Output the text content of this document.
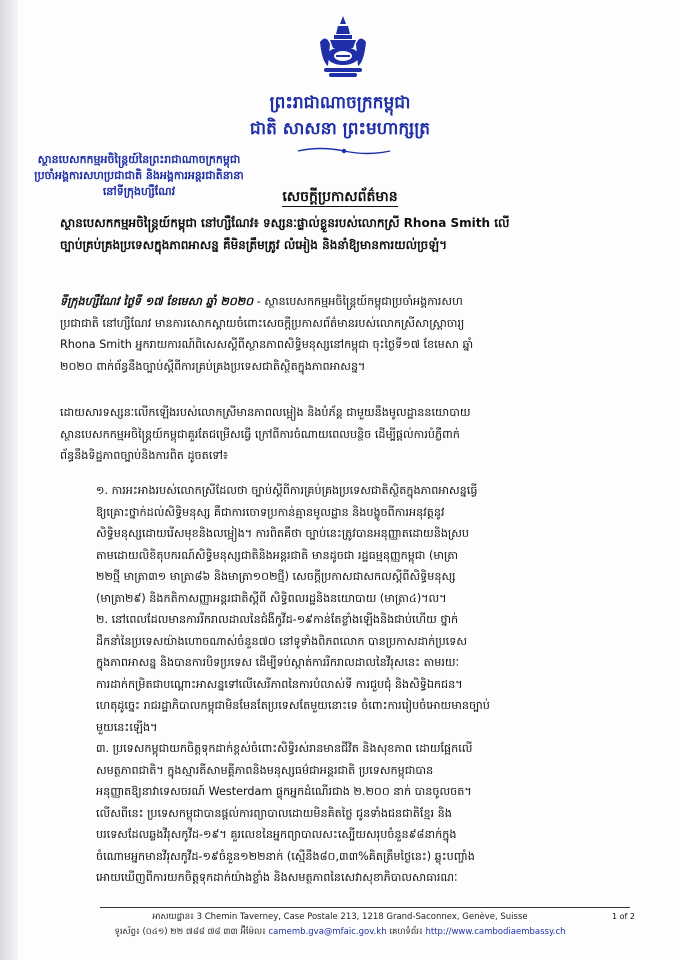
ព្រះរាជាណាចក្រកម្ពុជា
ជាតិ សាសនា ព្រះមហាក្សត្រ
ស្ថានបេសកកម្មអចិន្ត្រៃយ៍នៃព្រះរាជាណាចក្រកម្ពុជា
ប្រចាំអង្គការសហប្រជាជាតិ និងអង្គការអន្តរជាតិនានា
នៅទីក្រុងហ្សឺណែវ	សេចក្តីប្រកាសព័ត៌មាន
ស្ថានបេសកកម្មអចិន្ត្រៃយ៍កម្ពុជា នៅហ្សឺណែវ៖ ទស្សនៈផ្ទាល់ខ្លួនរបស់លោកស្រី Rhona Smith លើ
ច្បាប់គ្រប់គ្រងប្រទេសក្នុងភាពអាសន្ន គឺមិនត្រឹមត្រូវ លំអៀង និងនាំឱ្យមានការយល់ច្រឡំ។
ទីក្រុងហ្សឺណែវ ថ្ងៃទី ១៧ ខែមេសា ឆ្នាំ ២០២០ - ស្ថានបេសកកម្មអចិន្ត្រៃយ៍កម្ពុជាប្រចាំអង្គការសហ
ប្រជាជាតិ នៅហ្សឺណែវ មានការសោកស្តាយចំពោះសេចក្តីប្រកាសព័ត៌មានរបស់លោកស្រីសាស្ត្រាចារ្យ
Rhona Smith អ្នករាយការណ៍ពិសេសស្តីពីស្ថានភាពសិទ្ធិមនុស្សនៅកម្ពុជា ចុះថ្ងៃទី១៧ ខែមេសា ឆ្នាំ
២០២០ ពាក់ព័ន្ធនឹងច្បាប់ស្តីពីការគ្រប់គ្រងប្រទេសជាតិស្ថិតក្នុងភាពអាសន្ន។
ដោយសារទស្សនៈលើកឡើងរបស់លោកស្រីមានភាពលម្អៀង និងបំភ័ន្ត ជាមួយនឹងមូលដ្ឋាននយោបាយ
ស្ថានបេសកកម្មអចិន្ត្រៃយ៍កម្ពុជាគួរតែជម្រើសធ្វើ ក្រៅពីការចំណាយពេលបន្ថិច ដើម្បីផ្តល់ការបំភ្លឺពាក់
ព័ន្ធនឹងទិដ្ឋភាពច្បាប់និងការពិត ដូចតទៅ៖
១. ការអះអាងរបស់លោកស្រីដែលថា ច្បាប់ស្តីពីការគ្រប់គ្រងប្រទេសជាតិស្ថិតក្នុងភាពអាសន្នធ្វើ
ឱ្យគ្រោះថ្នាក់ដល់សិទ្ធិមនុស្ស គឺជាការចោទប្រកាន់គ្មានមូលដ្ឋាន និងបង្ខូចពីការអនុវត្តនូវ
សិទ្ធិមនុស្សដោយរើសមុខនិងលម្អៀង។ ការពិតគឺថា ច្បាប់នេះត្រូវបានអនុញ្ញាតដោយនិងស្រប
តាមដោយលិខិតុបករណ៍សិទ្ធិមនុស្សជាតិនិងអន្តរជាតិ មានដូចជា រដ្ឋធម្មនុញ្ញកម្ពុជា (មាត្រា
២២ថ្មី មាត្រា៣១ មាត្រា៨៦ និងមាត្រា១០២ថ្មី) សេចក្តីប្រកាសជាសកលស្តីពីសិទ្ធិមនុស្ស
(មាត្រា២៩) និងកតិកាសញ្ញាអន្តរជាតិស្តីពី សិទ្ធិពលរដ្ឋនិងនយោបាយ (មាត្រា៤)។ល។
២. នៅពេលដែលមានការរីករាលដាលនៃជំងឺកូវីដ-១៩កាន់តែខ្លាំងឡើងនិងជាប់ហើយ ថ្នាក់
ដឹកនាំនៃប្រទេសយ៉ាងហោចណាស់ចំនួន៧០ នៅទូទាំងពិភពលោក បានប្រកាសដាក់ប្រទេស
ក្នុងភាពអាសន្ន និងបានការបិទប្រទេស ដើម្បីទប់ស្កាត់ការរីករាលដាលនៃវីរុសនេះ តាមរយៈ
ការដាក់កម្រិតជាបណ្តោះអាសន្នទៅលើសេរីភាពនៃការបំលាស់ទី ការជួបជុំ និងសិទ្ធិឯកជន។
ហេតុដូច្នេះ រាជរដ្ឋាភិបាលកម្ពុជាមិនមែនតែប្រទេសតែមួយនោះទេ ចំពោះការរៀបចំអោយមានច្បាប់
មួយនេះឡើង។
៣. ប្រទេសកម្ពុជាយកចិត្តទុកដាក់ខ្ពស់ចំពោះសិទ្ធិរស់រានមានជីវិត និងសុខភាព ដោយផ្អែកលើ
សមត្ថភាពជាតិ។ ក្នុងស្មារតីសាមគ្គីភាពនិងមនុស្សធម៌ជាអន្តរជាតិ ប្រទេសកម្ពុជាបាន
អនុញ្ញាតឱ្យនាវាទេសចរណ៍ Westerdam ផ្ទុកអ្នកដំណើរជាង ២.២០០ នាក់ បានចូលចត។
លើសពីនេះ ប្រទេសកម្ពុជាបានផ្តល់ការព្យាបាលដោយមិនគិតថ្លៃ ជូនទាំងជនជាតិខ្មែរ និង
បរទេសដែលឆ្លងវីរុសកូវីដ-១៩។ គួរលេខនៃអ្នកព្យាបាលសះស្បើយសរុបចំនួន៩៨នាក់ក្នុង
ចំណោមអ្នកមានវីរុសកូវីដ-១៩ចំនួន១២២នាក់ (ស្មើនឹង៨០,៣៣%គិតត្រឹមថ្ងៃនេះ) ឆ្លុះបញ្ចាំង
អោយឃើញពីការយកចិត្តទុកដាក់យ៉ាងខ្លាំង និងសមត្ថភាពនៃសេវាសុខាភិបាលសាធារណៈ
អាសយដ្ឋាន៖ 3 Chemin Taverney, Case Postale 213, 1218 Grand-Saconnex, Genève, Suisse
ទូរស័ព្ទ៖ (០៤១) ២២ ៧៨៨ ៧៨ ៣៣ អ៊ីម៉ែល៖ camemb.gva@mfaic.gov.kh គេហទំព័រ៖ http://www.cambodiaembassy.ch
1 of 2
